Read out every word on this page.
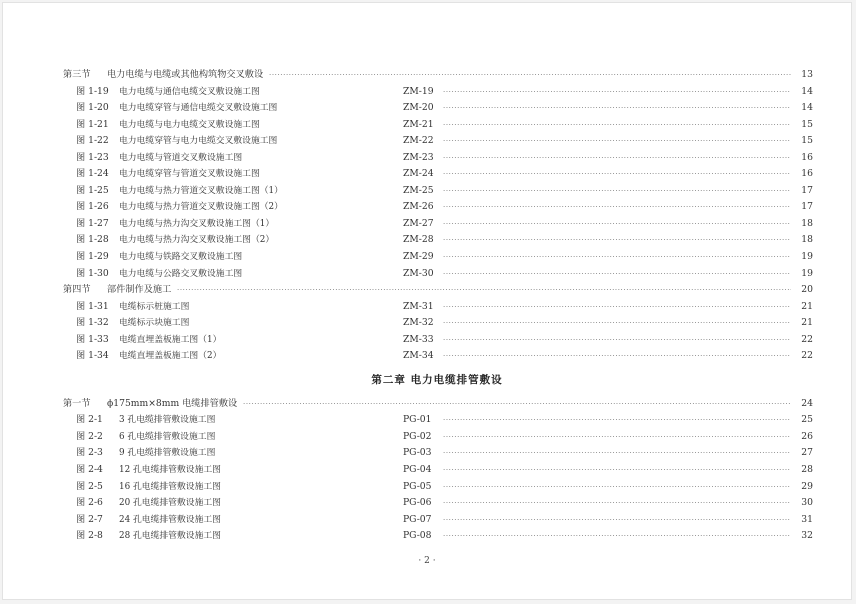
第三节 电力电缆与电缆或其他构筑物交叉敷设 ·····	13
图 1-19 电力电缆与通信电缆交叉敷设施工图	ZM-19 ·····	14
图 1-20 电力电缆穿管与通信电缆交叉敷设施工图	ZM-20 ·····	14
图 1-21 电力电缆与电力电缆交叉敷设施工图	ZM-21 ·····	15
图 1-22 电力电缆穿管与电力电缆交叉敷设施工图	ZM-22 ·····	15
图 1-23 电力电缆与管道交叉敷设施工图	ZM-23 ·····	16
图 1-24 电力电缆穿管与管道交叉敷设施工图	ZM-24 ·····	16
图 1-25 电力电缆与热力管道交叉敷设施工图（1）	ZM-25 ·····	17
图 1-26 电力电缆与热力管道交叉敷设施工图（2）	ZM-26 ·····	17
图 1-27 电力电缆与热力沟交叉敷设施工图（1）	ZM-27 ·····	18
图 1-28 电力电缆与热力沟交叉敷设施工图（2）	ZM-28 ·····	18
图 1-29 电力电缆与铁路交叉敷设施工图	ZM-29 ·····	19
图 1-30 电力电缆与公路交叉敷设施工图	ZM-30 ·····	19
第四节 部件制作及施工 ·····	20
图 1-31 电缆标示桩施工图	ZM-31 ·····	21
图 1-32 电缆标示块施工图	ZM-32 ·····	21
图 1-33 电缆直埋盖板施工图（1）	ZM-33 ·····	22
图 1-34 电缆直埋盖板施工图（2）	ZM-34 ·····	22
第二章 电力电缆排管敷设
第一节 ϕ175mm×8mm 电缆排管敷设 ·····	24
图 2-1 3 孔电缆排管敷设施工图	PG-01 ·····	25
图 2-2 6 孔电缆排管敷设施工图	PG-02 ·····	26
图 2-3 9 孔电缆排管敷设施工图	PG-03 ·····	27
图 2-4 12 孔电缆排管敷设施工图	PG-04 ·····	28
图 2-5 16 孔电缆排管敷设施工图	PG-05 ·····	29
图 2-6 20 孔电缆排管敷设施工图	PG-06 ·····	30
图 2-7 24 孔电缆排管敷设施工图	PG-07 ·····	31
图 2-8 28 孔电缆排管敷设施工图	PG-08 ·····	32
· 2 ·
